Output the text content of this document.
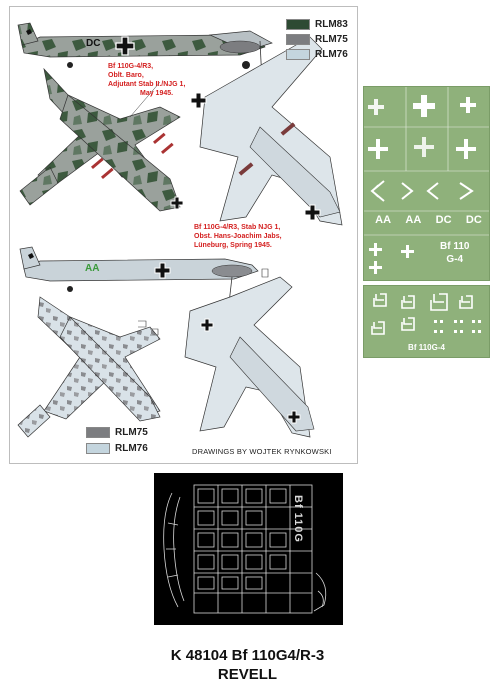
RLM83
RLM75
RLM76
DC
AA
Bf 110G-4/R3,
Oblt. Baro,
Adjutant Stab II./NJG 1,
May 1945.
Bf 110G-4/R3, Stab NJG 1,
Obst. Hans-Joachim Jabs,
Lüneburg, Spring 1945.
RLM75
RLM76	DRAWINGS BY WOJTEK RYNKOWSKI
AA AA DC DC
Bf 110
G-4
Bf 110G-4
Bf 110G
K 48104 Bf 110G4/R-3
REVELL
